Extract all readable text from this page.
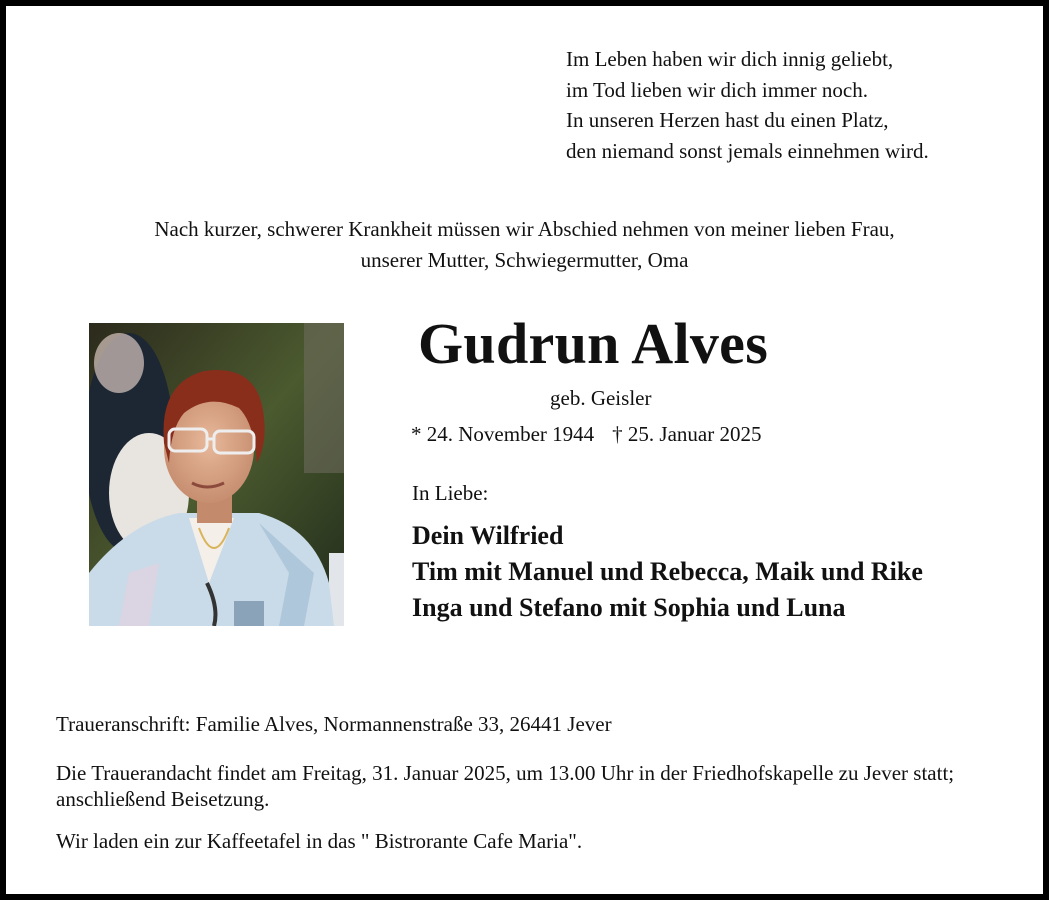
Im Leben haben wir dich innig geliebt,
im Tod lieben wir dich immer noch.
In unseren Herzen hast du einen Platz,
den niemand sonst jemals einnehmen wird.
Nach kurzer, schwerer Krankheit müssen wir Abschied nehmen von meiner lieben Frau,
unserer Mutter, Schwiegermutter, Oma
Gudrun Alves
geb. Geisler
* 24. November 1944 † 25. Januar 2025
In Liebe:
Dein Wilfried
Tim mit Manuel und Rebecca, Maik und Rike
Inga und Stefano mit Sophia und Luna
Traueranschrift: Familie Alves, Normannenstraße 33, 26441 Jever
Die Trauerandacht findet am Freitag, 31. Januar 2025, um 13.00 Uhr in der Friedhofskapelle zu Jever statt; anschließend Beisetzung.
Wir laden ein zur Kaffeetafel in das " Bistrorante Cafe Maria".
